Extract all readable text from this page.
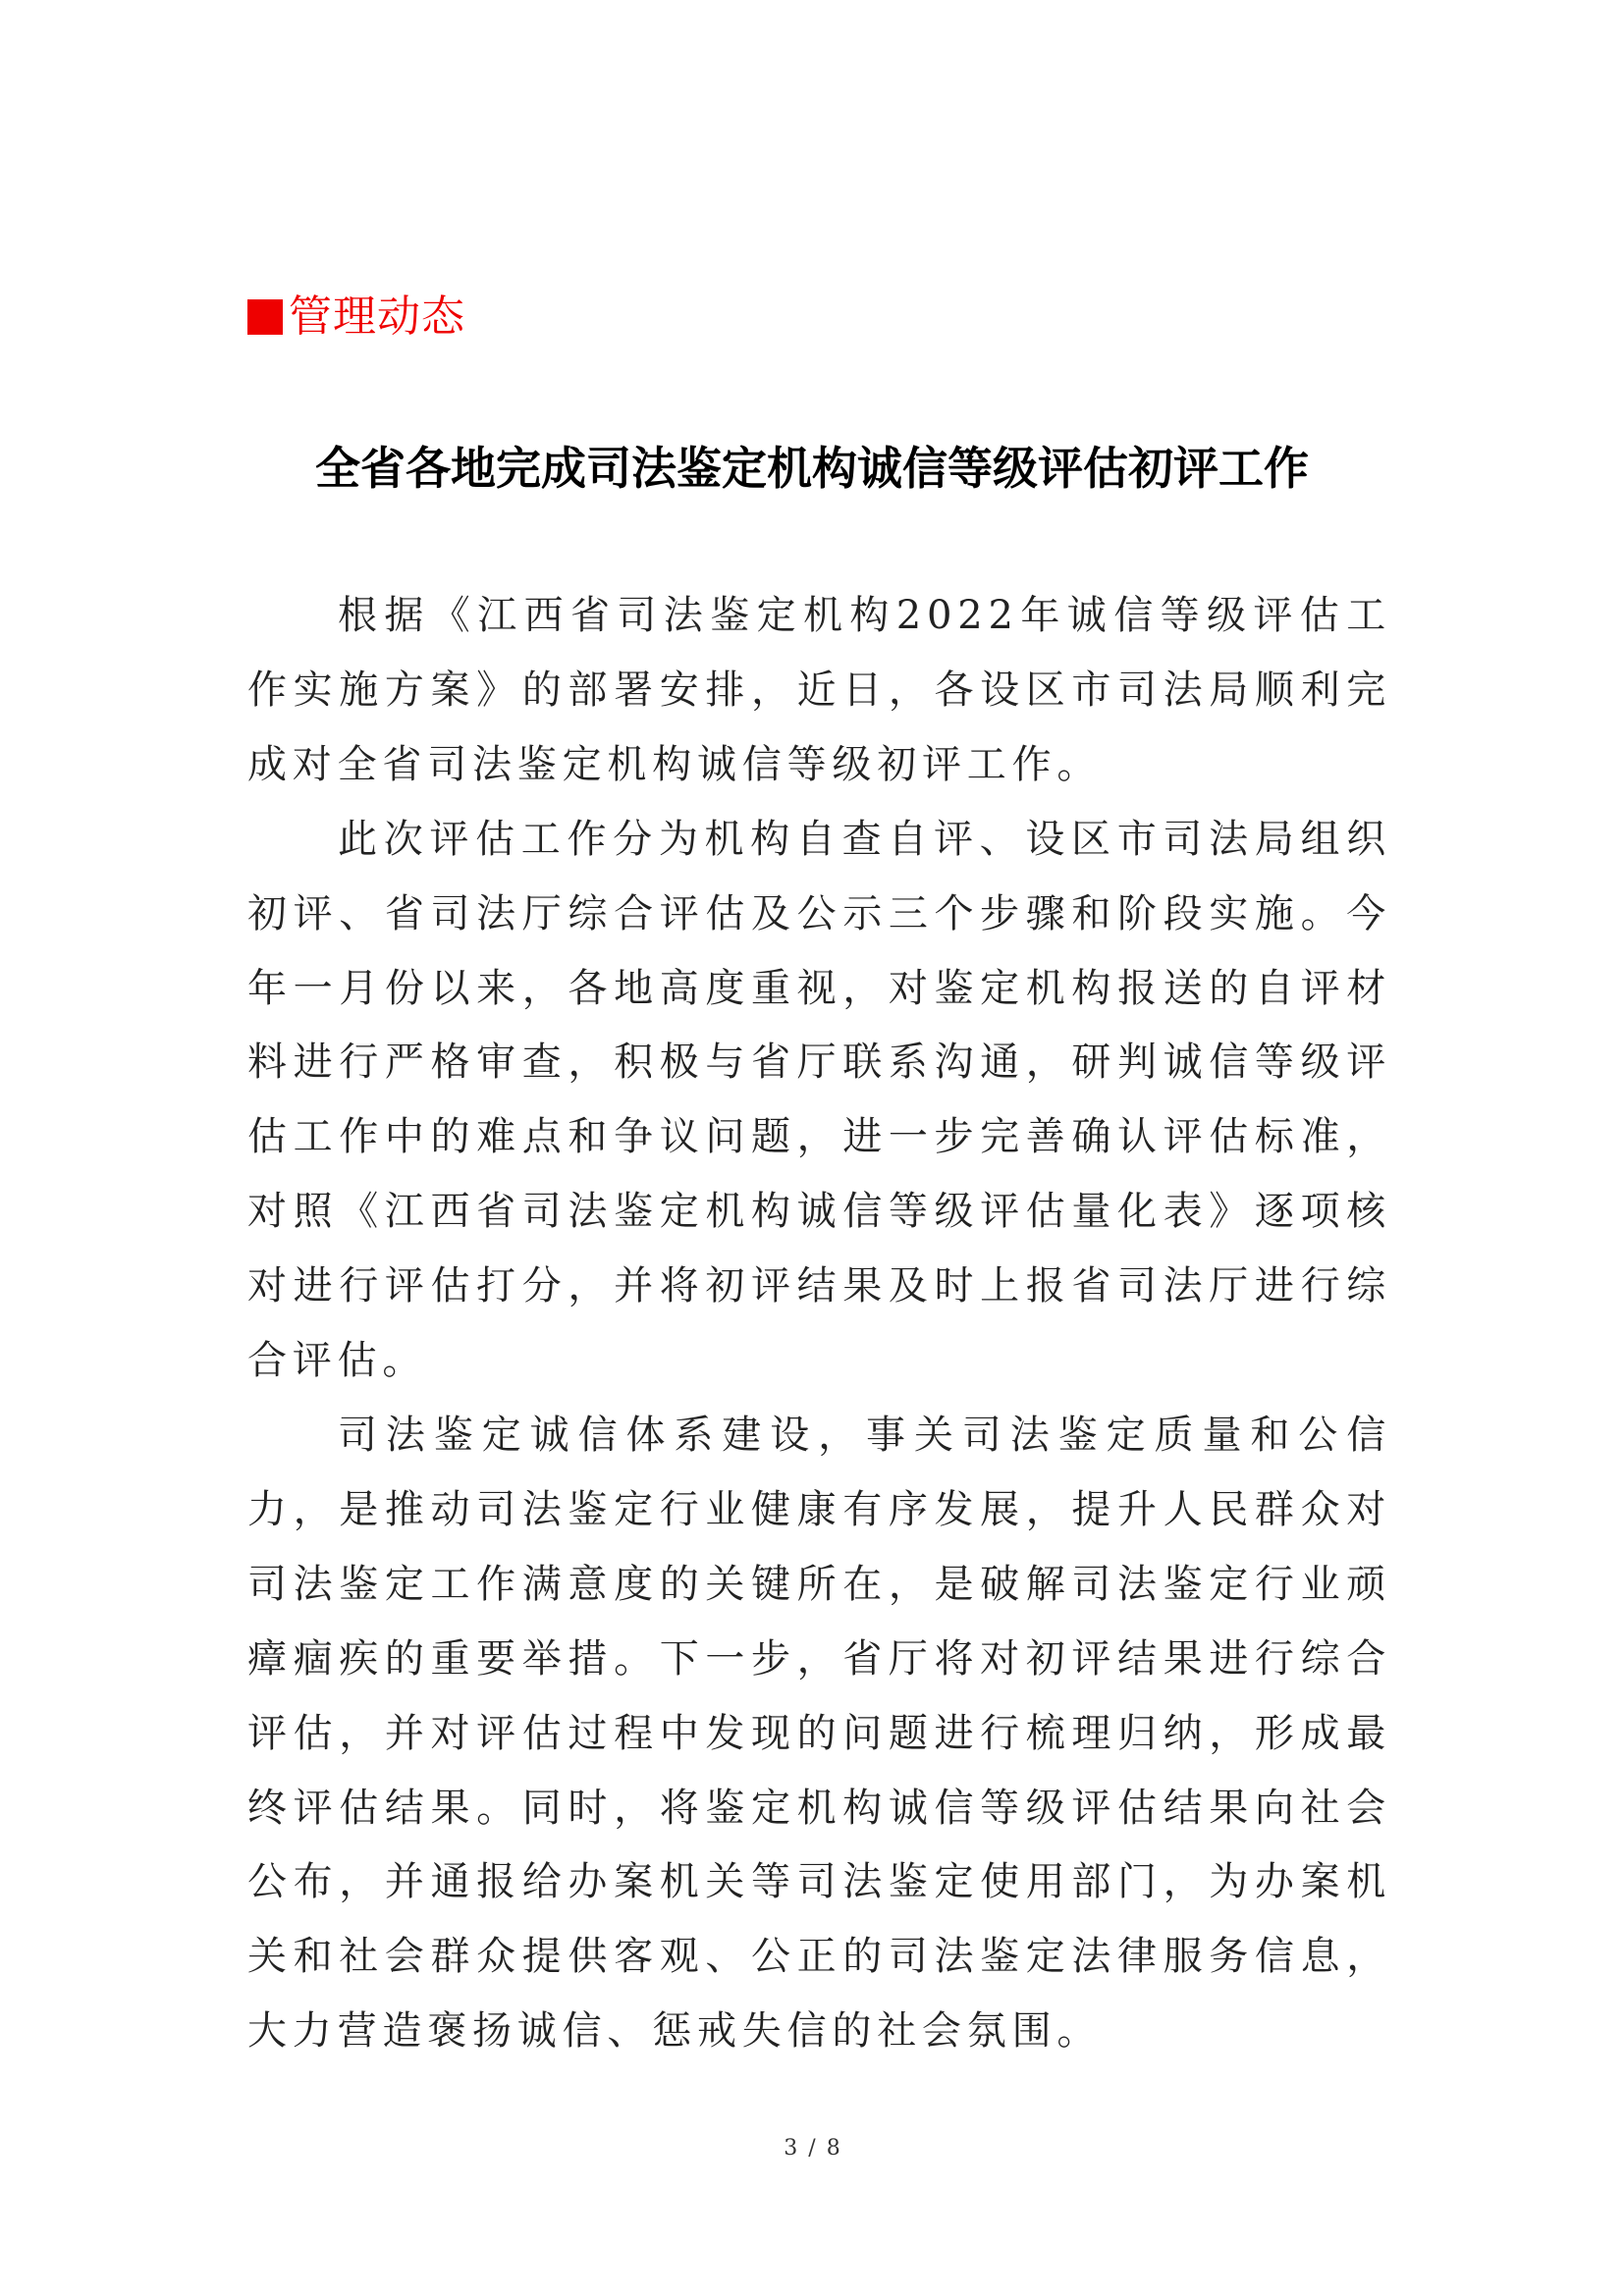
管理动态
全省各地完成司法鉴定机构诚信等级评估初评工作

根据《江西省司法鉴定机构2022年诚信等级评估工作实施方案》的部署安排，近日，各设区市司法局顺利完成对全省司法鉴定机构诚信等级初评工作。

此次评估工作分为机构自查自评、设区市司法局组织初评、省司法厅综合评估及公示三个步骤和阶段实施。今年一月份以来，各地高度重视，对鉴定机构报送的自评材料进行严格审查，积极与省厅联系沟通，研判诚信等级评估工作中的难点和争议问题，进一步完善确认评估标准，对照《江西省司法鉴定机构诚信等级评估量化表》逐项核对进行评估打分，并将初评结果及时上报省司法厅进行综合评估。

司法鉴定诚信体系建设，事关司法鉴定质量和公信力，是推动司法鉴定行业健康有序发展，提升人民群众对司法鉴定工作满意度的关键所在，是破解司法鉴定行业顽瘴痼疾的重要举措。下一步，省厅将对初评结果进行综合评估，并对评估过程中发现的问题进行梳理归纳，形成最终评估结果。同时，将鉴定机构诚信等级评估结果向社会公布，并通报给办案机关等司法鉴定使用部门，为办案机关和社会群众提供客观、公正的司法鉴定法律服务信息，大力营造褒扬诚信、惩戒失信的社会氛围。

3 / 8
